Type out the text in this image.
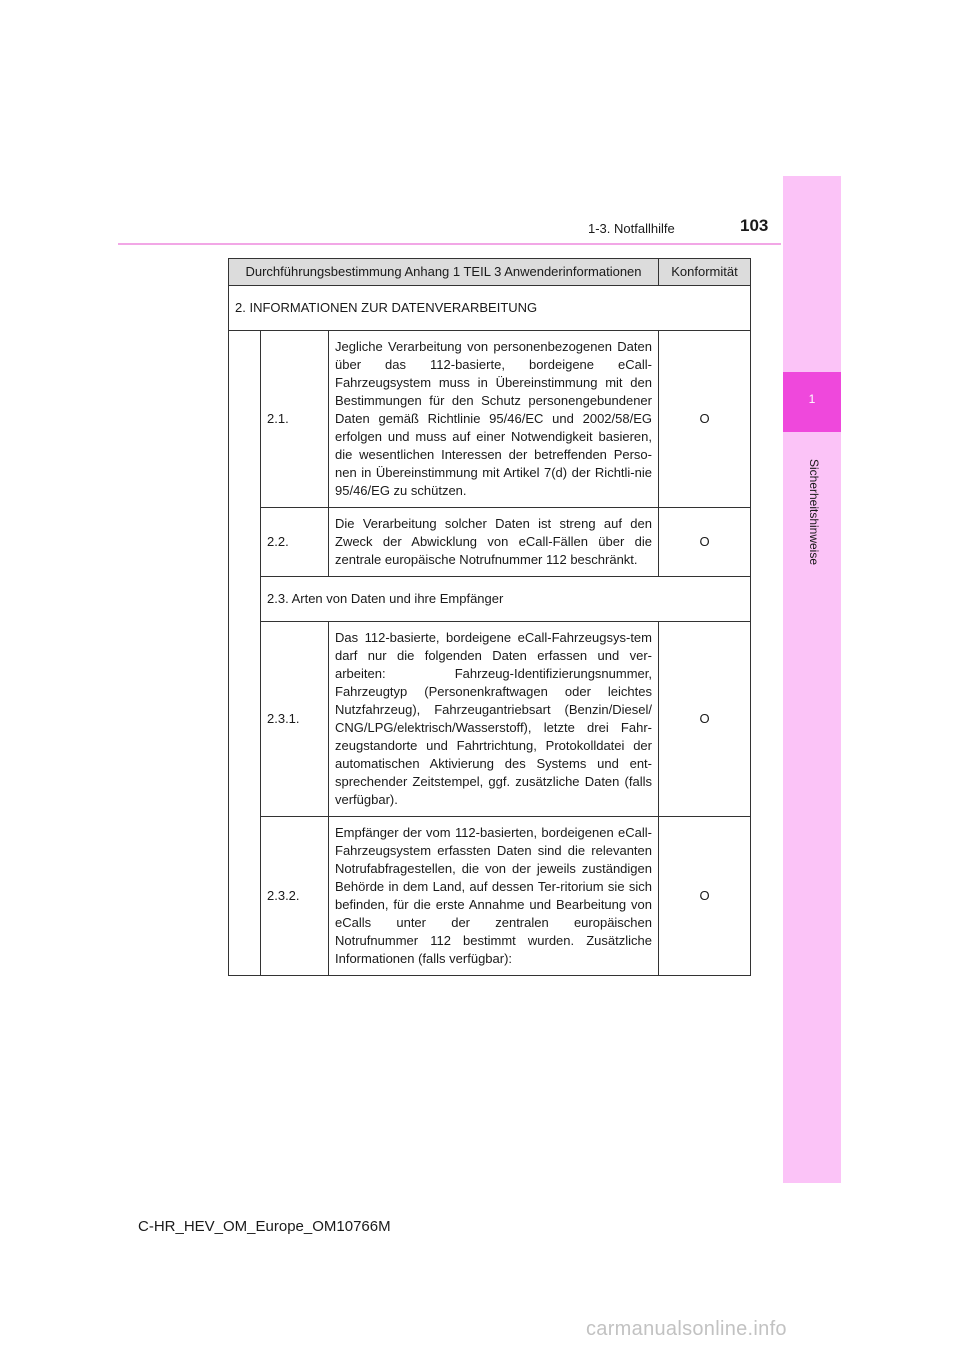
1-3. Notfallhilfe	103
1
Sicherheitshinweise
Durchführungsbestimmung Anhang 1 TEIL 3 Anwenderinformationen			Konformität
2. INFORMATIONEN ZUR DATENVERARBEITUNG			
	2.1.	Jegliche Verarbeitung von personenbezogenen Daten über das 112-basierte, bordeigene eCall-Fahrzeugsystem muss in Übereinstimmung mit den Bestimmungen für den Schutz personengebundener Daten gemäß Richtlinie 95/46/EC und 2002/58/EG erfolgen und muss auf einer Notwendigkeit basieren, die wesentlichen Interessen der betreffenden Perso-nen in Übereinstimmung mit Artikel 7(d) der Richtli-nie 95/46/EG zu schützen.	O
	2.2.	Die Verarbeitung solcher Daten ist streng auf den Zweck der Abwicklung von eCall-Fällen über die zentrale europäische Notrufnummer 112 beschränkt.	O
	2.3. Arten von Daten und ihre Empfänger		
	2.3.1.	Das 112-basierte, bordeigene eCall-Fahrzeugsys-tem darf nur die folgenden Daten erfassen und ver-arbeiten: Fahrzeug-Identifizierungsnummer, Fahrzeugtyp (Personenkraftwagen oder leichtes Nutzfahrzeug), Fahrzeugantriebsart (Benzin/Diesel/ CNG/LPG/elektrisch/Wasserstoff), letzte drei Fahr-zeugstandorte und Fahrtrichtung, Protokolldatei der automatischen Aktivierung des Systems und ent-sprechender Zeitstempel, ggf. zusätzliche Daten (falls verfügbar).	O
	2.3.2.	Empfänger der vom 112-basierten, bordeigenen eCall-Fahrzeugsystem erfassten Daten sind die relevanten Notrufabfragestellen, die von der jeweils zuständigen Behörde in dem Land, auf dessen Ter-ritorium sie sich befinden, für die erste Annahme und Bearbeitung von eCalls unter der zentralen europäischen Notrufnummer 112 bestimmt wurden. Zusätzliche Informationen (falls verfügbar):	O
C-HR_HEV_OM_Europe_OM10766M
carmanualsonline.info
